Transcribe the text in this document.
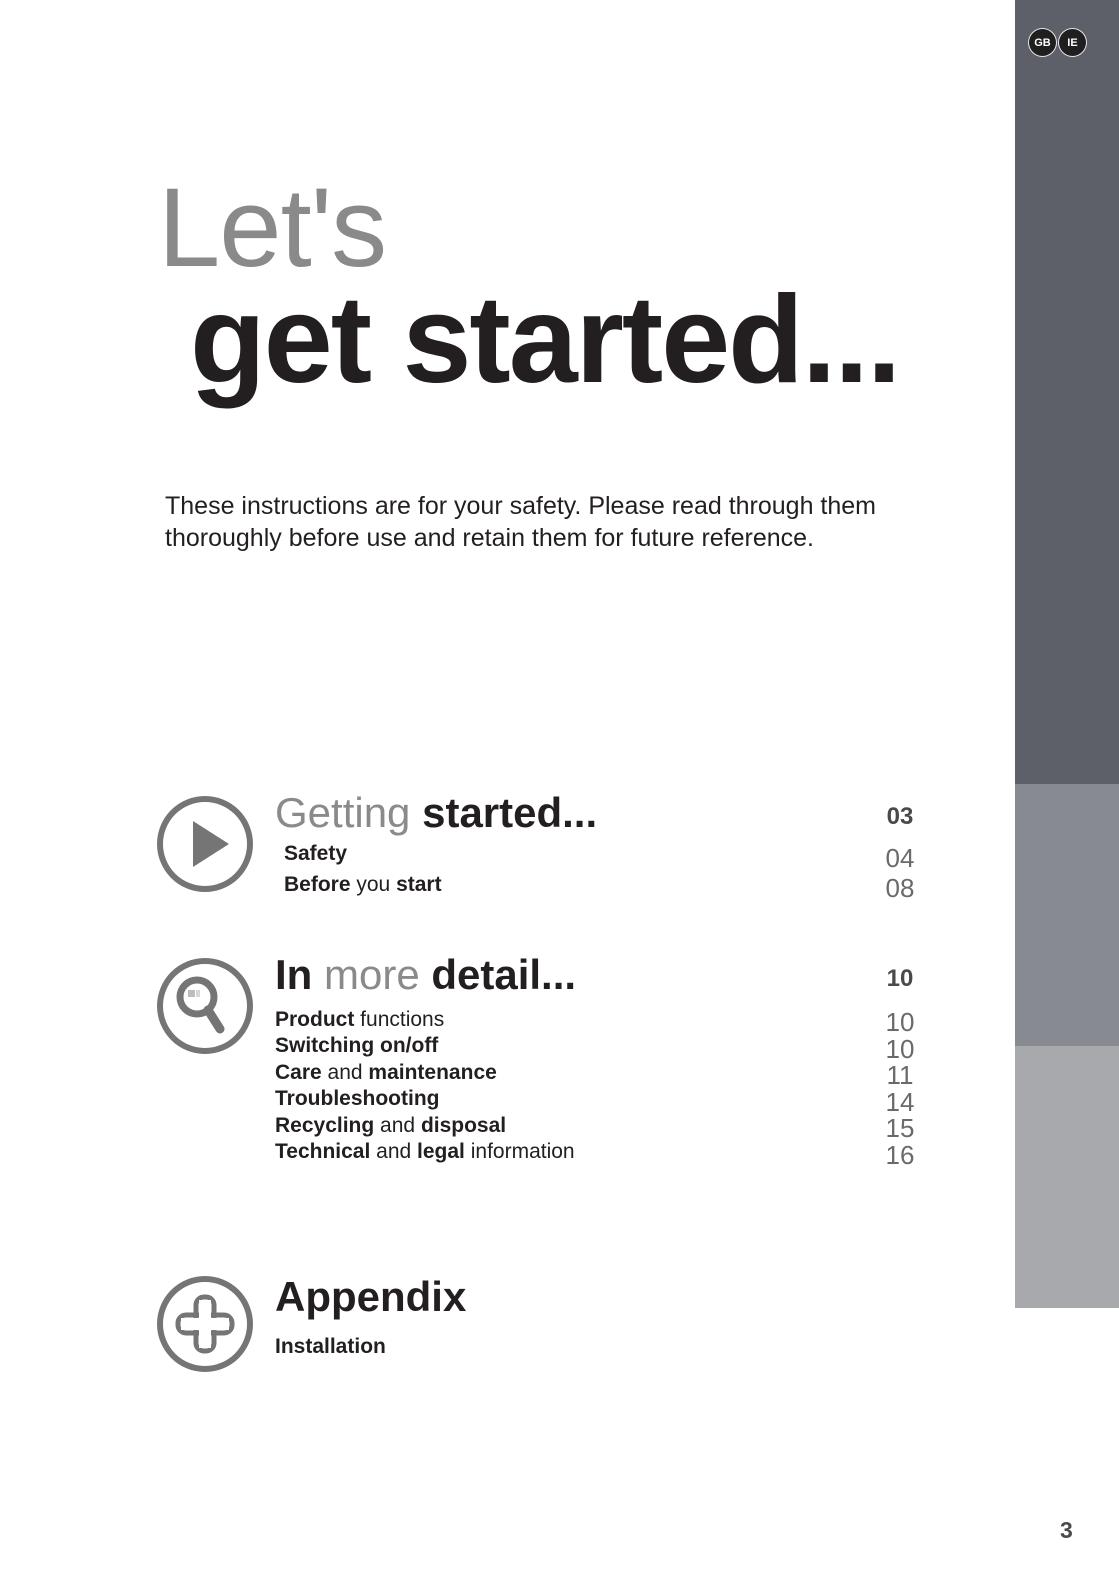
GB	IE
Let's
get started...
These instructions are for your safety. Please read through them thoroughly before use and retain them for future reference.
Getting started...	03
Safety	04
Before you start	08
In more detail...	10
Product functions	10
Switching on/off	10
Care and maintenance	11
Troubleshooting	14
Recycling and disposal	15
Technical and legal information	16
Appendix
Installation
3
